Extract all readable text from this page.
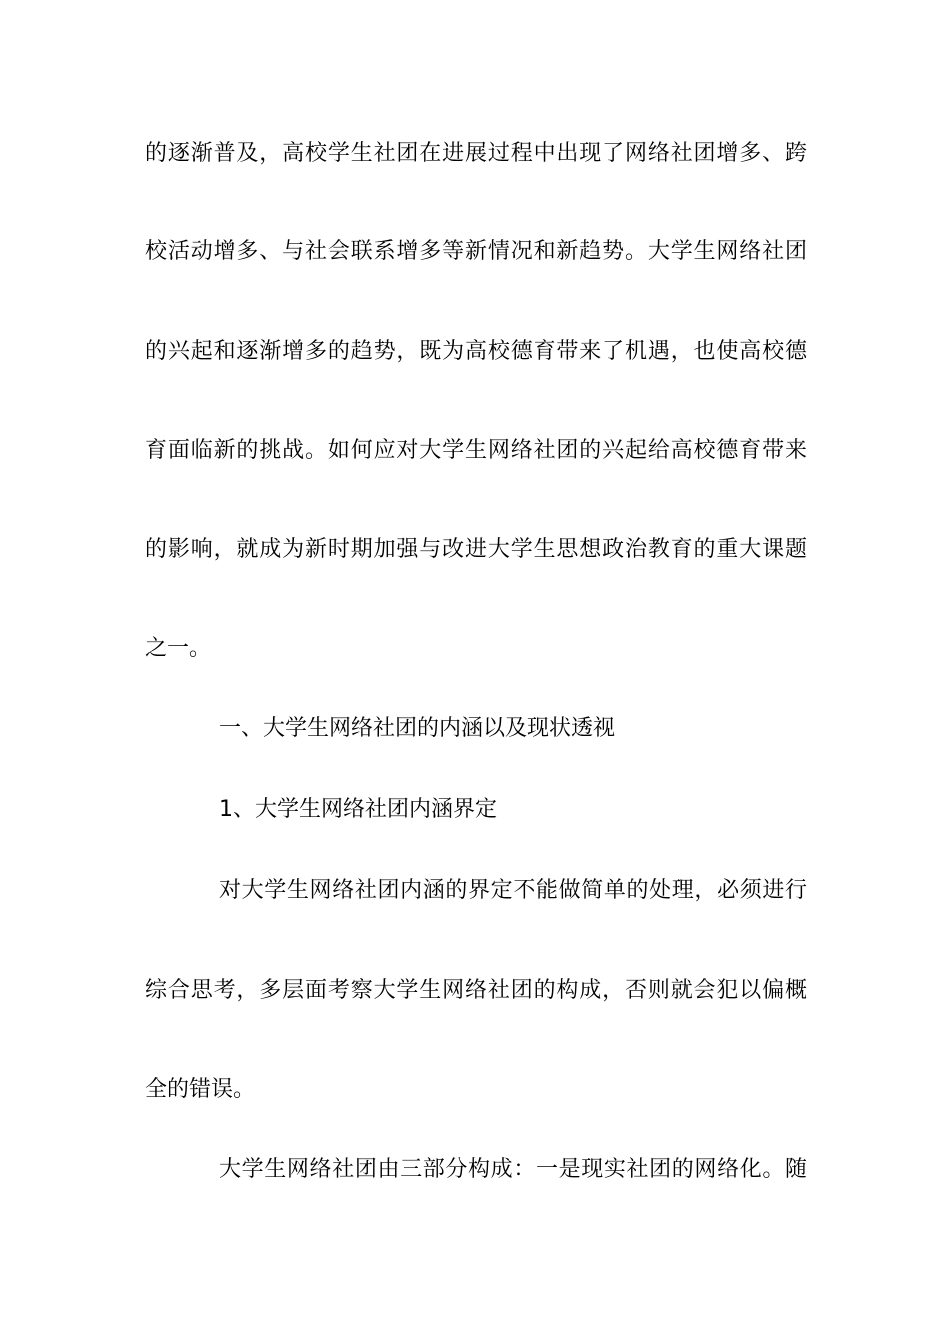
的逐渐普及，高校学生社团在进展过程中出现了网络社团增多、跨
校活动增多、与社会联系增多等新情况和新趋势。大学生网络社团
的兴起和逐渐增多的趋势，既为高校德育带来了机遇，也使高校德
育面临新的挑战。如何应对大学生网络社团的兴起给高校德育带来
的影响，就成为新时期加强与改进大学生思想政治教育的重大课题
之一。
一、大学生网络社团的内涵以及现状透视
1、大学生网络社团内涵界定
对大学生网络社团内涵的界定不能做简单的处理，必须进行
综合思考，多层面考察大学生网络社团的构成，否则就会犯以偏概
全的错误。
大学生网络社团由三部分构成：一是现实社团的网络化。随
